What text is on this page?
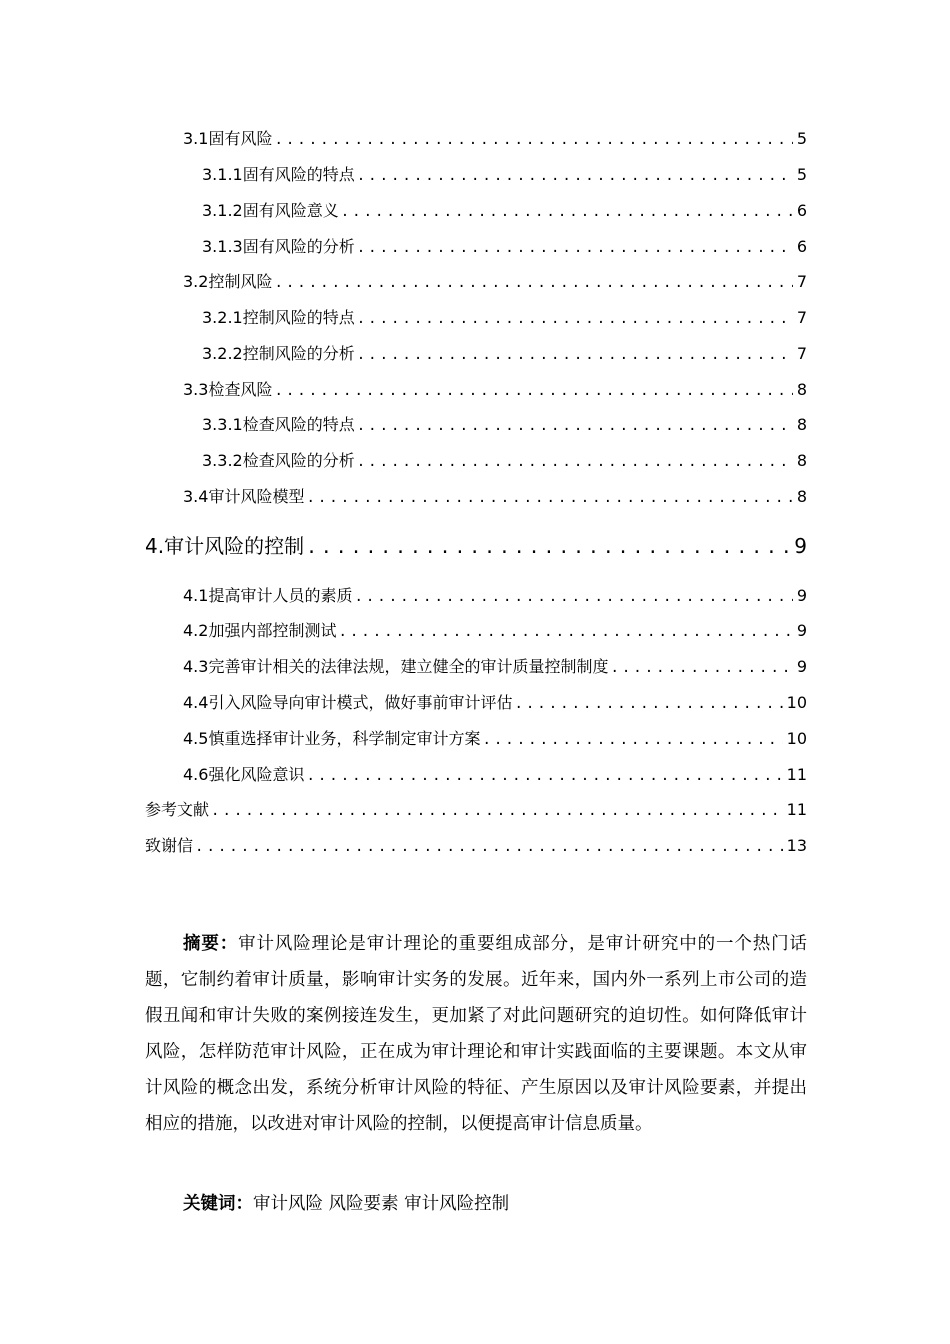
3.1固有风险 .....	5
3.1.1固有风险的特点 .....	5
3.1.2固有风险意义 .....	6
3.1.3固有风险的分析 .....	6
3.2控制风险 .....	7
3.2.1控制风险的特点 .....	7
3.2.2控制风险的分析 .....	7
3.3检查风险 .....	8
3.3.1检查风险的特点 .....	8
3.3.2检查风险的分析 .....	8
3.4审计风险模型 .....	8
4.审计风险的控制 .....	9
4.1提高审计人员的素质 .....	9
4.2加强内部控制测试 .....	9
4.3完善审计相关的法律法规，建立健全的审计质量控制制度 .....	9
4.4引入风险导向审计模式，做好事前审计评估 .....	10
4.5慎重选择审计业务，科学制定审计方案 .....	10
4.6强化风险意识 .....	11
参考文献 .....	11
致谢信 .....	13

摘要：审计风险理论是审计理论的重要组成部分，是审计研究中的一个热门话题，它制约着审计质量，影响审计实务的发展。近年来，国内外一系列上市公司的造假丑闻和审计失败的案例接连发生，更加紧了对此问题研究的迫切性。如何降低审计风险，怎样防范审计风险，正在成为审计理论和审计实践面临的主要课题。本文从审计风险的概念出发，系统分析审计风险的特征、产生原因以及审计风险要素，并提出相应的措施，以改进对审计风险的控制，以便提高审计信息质量。

关键词：审计风险 风险要素 审计风险控制
